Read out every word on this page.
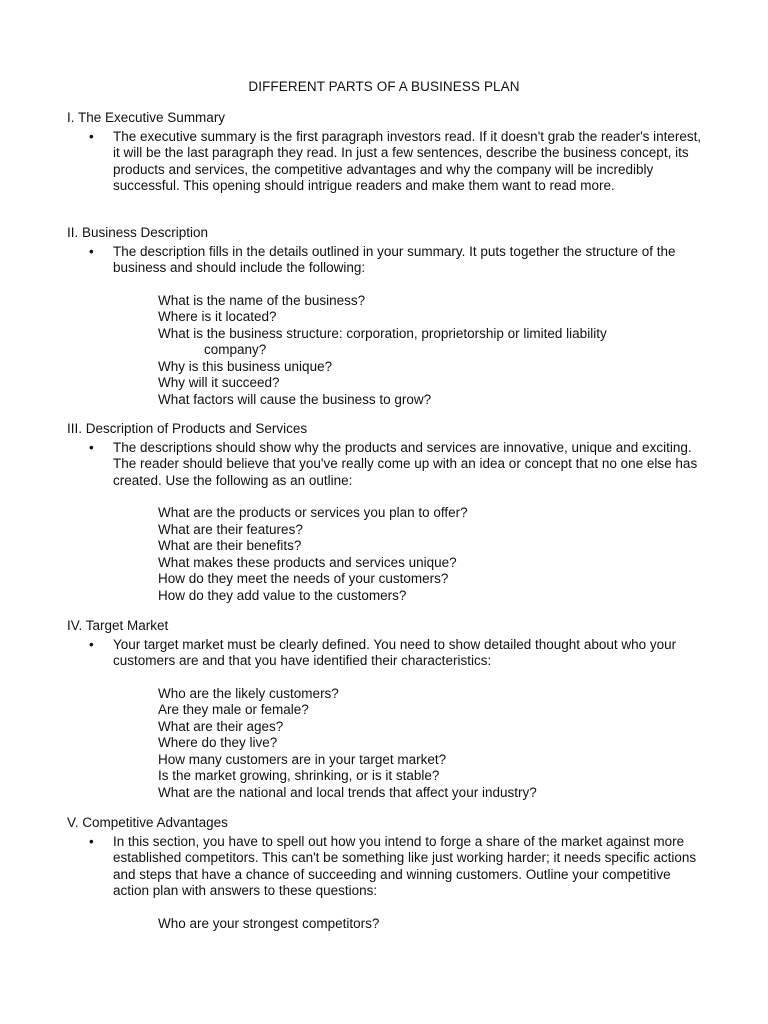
DIFFERENT PARTS OF A BUSINESS PLAN
I. The Executive Summary
• The executive summary is the first paragraph investors read. If it doesn't grab the reader's interest, it will be the last paragraph they read. In just a few sentences, describe the business concept, its products and services, the competitive advantages and why the company will be incredibly successful. This opening should intrigue readers and make them want to read more.
II. Business Description
• The description fills in the details outlined in your summary. It puts together the structure of the business and should include the following:
What is the name of the business?
Where is it located?
What is the business structure: corporation, proprietorship or limited liability
company?
Why is this business unique?
Why will it succeed?
What factors will cause the business to grow?
III. Description of Products and Services
• The descriptions should show why the products and services are innovative, unique and exciting. The reader should believe that you've really come up with an idea or concept that no one else has created. Use the following as an outline:
What are the products or services you plan to offer?
What are their features?
What are their benefits?
What makes these products and services unique?
How do they meet the needs of your customers?
How do they add value to the customers?
IV. Target Market
• Your target market must be clearly defined. You need to show detailed thought about who your customers are and that you have identified their characteristics:
Who are the likely customers?
Are they male or female?
What are their ages?
Where do they live?
How many customers are in your target market?
Is the market growing, shrinking, or is it stable?
What are the national and local trends that affect your industry?
V. Competitive Advantages
• In this section, you have to spell out how you intend to forge a share of the market against more established competitors. This can't be something like just working harder; it needs specific actions and steps that have a chance of succeeding and winning customers. Outline your competitive action plan with answers to these questions:
Who are your strongest competitors?
